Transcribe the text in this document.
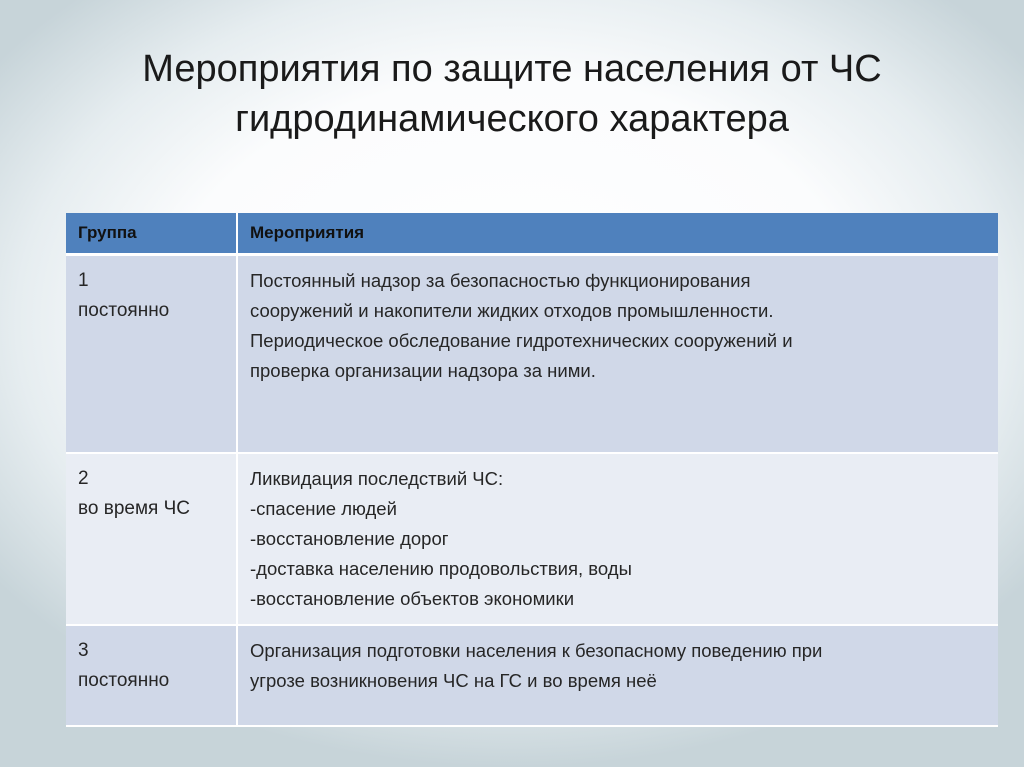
Мероприятия по защите населения от ЧС
гидродинамического характера
Группа	Мероприятия

1
постоянно	Постоянный надзор за безопасностью функционирования
сооружений и накопители жидких отходов промышленности.
Периодическое обследование гидротехнических сооружений и
проверка организации надзора за ними.

2
во время ЧС	Ликвидация последствий ЧС:
-спасение людей
-восстановление дорог
-доставка населению продовольствия, воды
-восстановление объектов экономики

3
постоянно	Организация подготовки населения к безопасному поведению при
угрозе возникновения ЧС на ГС и во время неё
